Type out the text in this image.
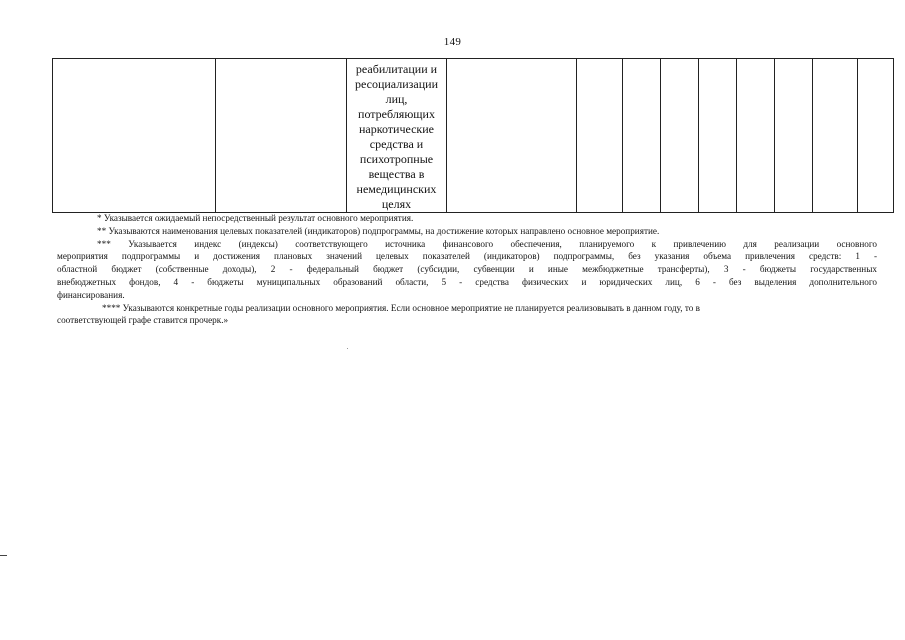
149

реабилитации и
ресоциализации
лиц,
потребляющих
наркотические
средства и
психотропные
вещества в
немедицинских
целях

* Указывается ожидаемый непосредственный результат основного мероприятия.
** Указываются наименования целевых показателей (индикаторов) подпрограммы, на достижение которых направлено основное мероприятие.
*** Указывается индекс (индексы) соответствующего источника финансового обеспечения, планируемого к привлечению для реализации основного
мероприятия подпрограммы и достижения плановых значений целевых показателей (индикаторов) подпрограммы, без указания объема привлечения средств: 1 -
областной бюджет (собственные доходы), 2 - федеральный бюджет (субсидии, субвенции и иные межбюджетные трансферты), 3 - бюджеты государственных
внебюджетных фондов, 4 - бюджеты муниципальных образований области, 5 - средства физических и юридических лиц, 6 - без выделения дополнительного
финансирования.
**** Указываются конкретные годы реализации основного мероприятия. Если основное мероприятие не планируется реализовывать в данном году, то в
соответствующей графе ставится прочерк.»
